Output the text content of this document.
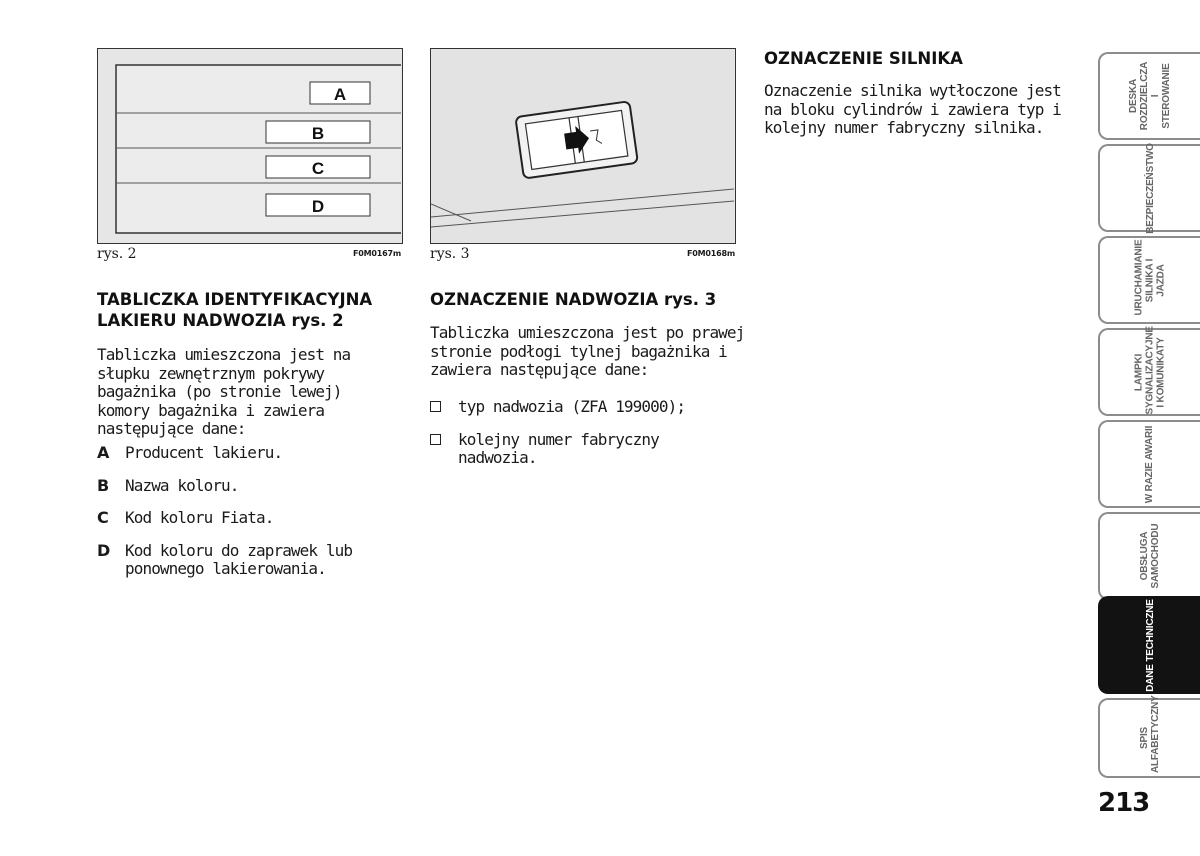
A
B
C
D
rys. 2	F0M0167m rys. 3	F0M0168m
TABLICZKA IDENTYFIKACYJNA LAKIERU NADWOZIA rys. 2

Tabliczka umieszczona jest na słupku zewnętrznym pokrywy bagażnika (po stronie lewej) komory bagażnika i zawiera następujące dane:

A Producent lakieru.
B Nazwa koloru.
C Kod koloru Fiata.
D Kod koloru do zaprawek lub ponownego lakierowania.
OZNACZENIE NADWOZIA rys. 3

Tabliczka umieszczona jest po prawej stronie podłogi tylnej bagażnika i zawiera następujące dane:

typ nadwozia (ZFA 199000);
kolejny numer fabryczny nadwozia.
OZNACZENIE SILNIKA

Oznaczenie silnika wytłoczone jest na bloku cylindrów i zawiera typ i kolejny numer fabryczny silnika.

DESKA ROZDZIELCZA I STEROWANIE
BEZPIECZEŃSTWO
URUCHAMIANIE SILNIKA I JAZDA
LAMPKI SYGNALIZACYJNE I KOMUNIKATY
W RAZIE AWARII
OBSŁUGA SAMOCHODU
DANE TECHNICZNE
SPIS ALFABETYCZNY
213
